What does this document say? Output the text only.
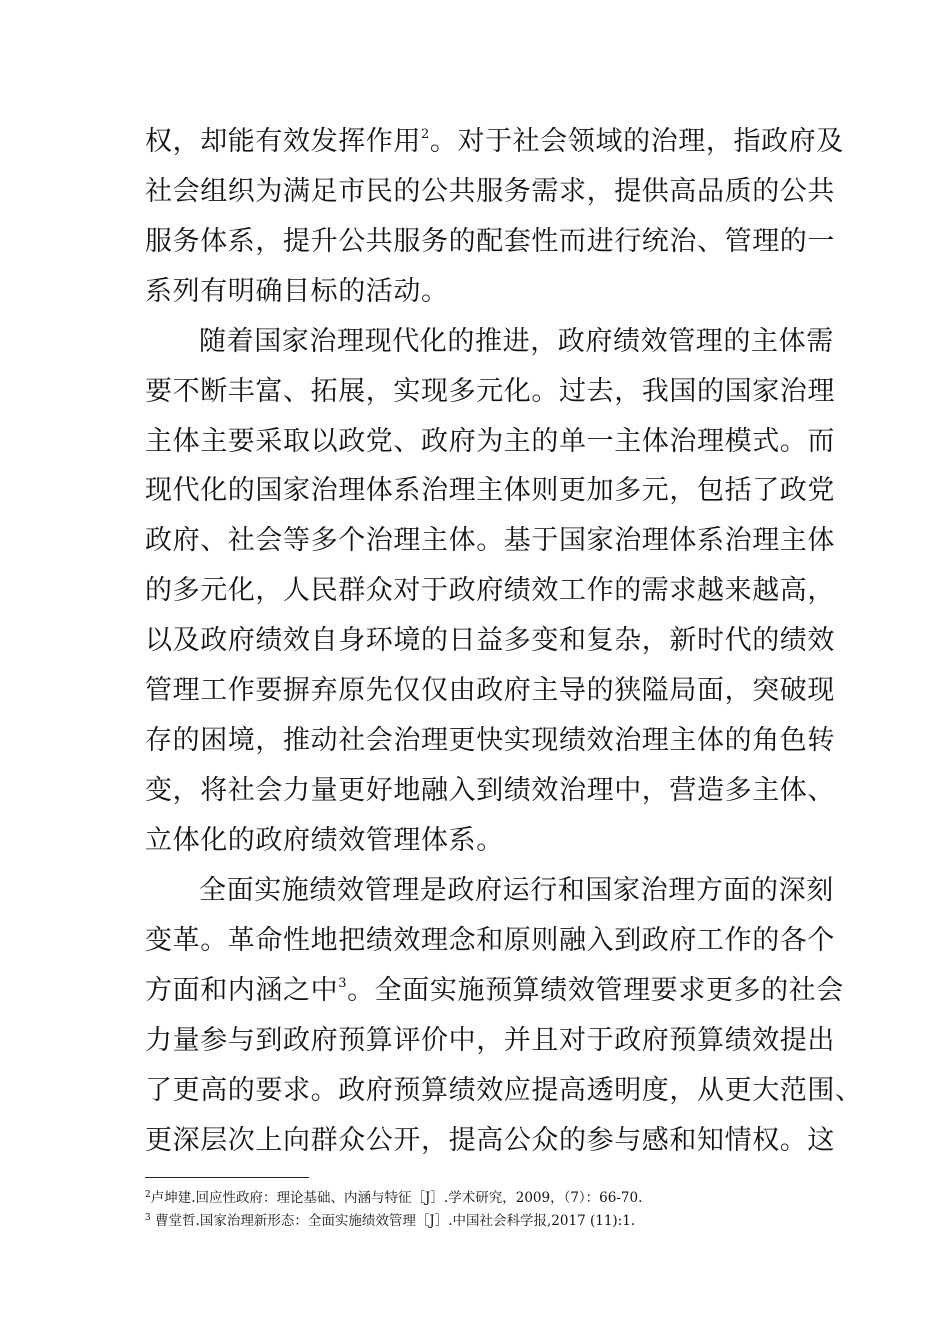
权，却能有效发挥作用$^2$。对于社会领域的治理，指政府及
社会组织为满足市民的公共服务需求，提供高品质的公共
服务体系，提升公共服务的配套性而进行统治、管理的一
系列有明确目标的活动。
随着国家治理现代化的推进，政府绩效管理的主体需
要不断丰富、拓展，实现多元化。过去，我国的国家治理
主体主要采取以政党、政府为主的单一主体治理模式。而
现代化的国家治理体系治理主体则更加多元，包括了政党
政府、社会等多个治理主体。基于国家治理体系治理主体
的多元化，人民群众对于政府绩效工作的需求越来越高，
以及政府绩效自身环境的日益多变和复杂，新时代的绩效
管理工作要摒弃原先仅仅由政府主导的狭隘局面，突破现
存的困境，推动社会治理更快实现绩效治理主体的角色转
变，将社会力量更好地融入到绩效治理中，营造多主体、
立体化的政府绩效管理体系。
全面实施绩效管理是政府运行和国家治理方面的深刻
变革。革命性地把绩效理念和原则融入到政府工作的各个
方面和内涵之中$^3$。全面实施预算绩效管理要求更多的社会
力量参与到政府预算评价中，并且对于政府预算绩效提出
了更高的要求。政府预算绩效应提高透明度，从更大范围、
更深层次上向群众公开，提高公众的参与感和知情权。这
$^2$卢坤建.回应性政府：理论基础、内涵与特征［J］.学术研究，2009，（7）：66-70.
$^3$ 曹堂哲.国家治理新形态：全面实施绩效管理［J］.中国社会科学报,2017 (11):1.
